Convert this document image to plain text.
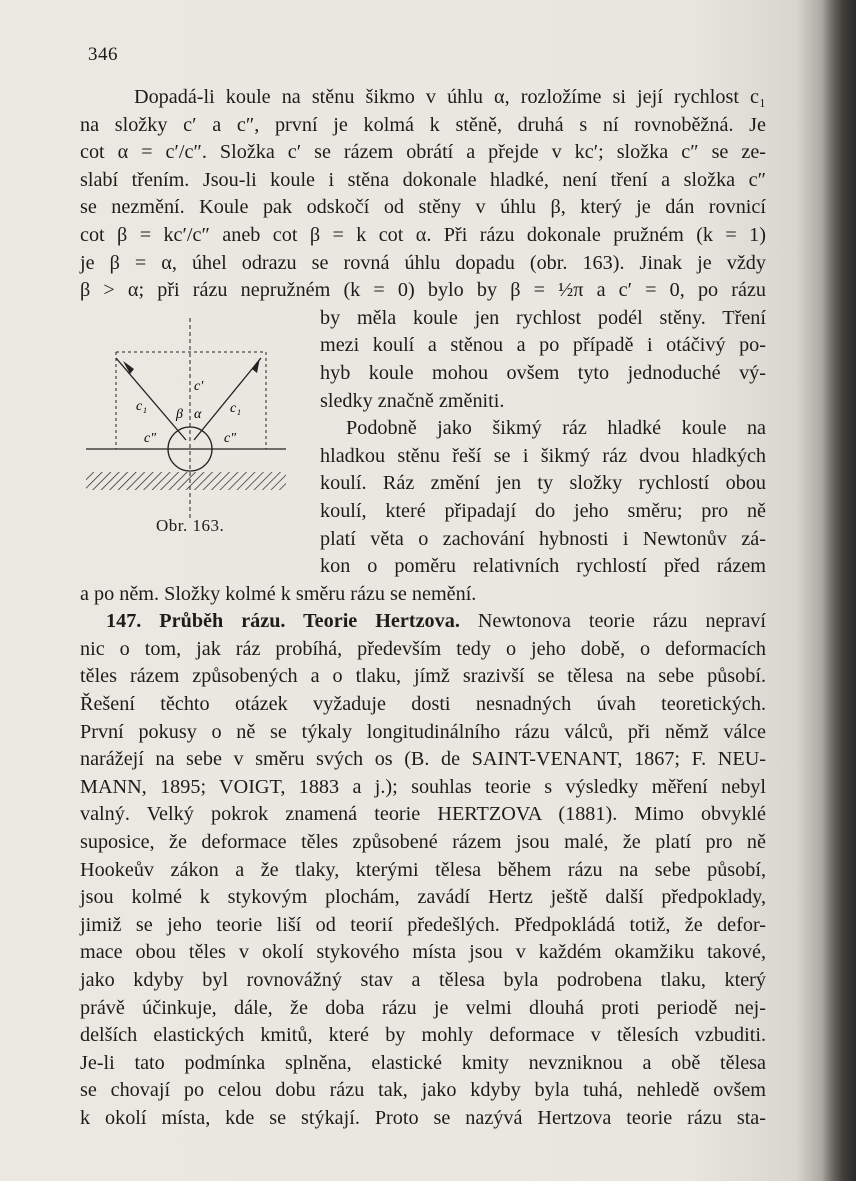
346
Dopadá-li koule na stěnu šikmo v úhlu α, rozložíme si její rychlost c₁
na složky c′ a c″, první je kolmá k stěně, druhá s ní rovnoběžná. Je
cot α = c′/c″. Složka c′ se rázem obrátí a přejde v kc′; složka c″ se ze-
slabí třením. Jsou-li koule i stěna dokonale hladké, není tření a složka c″
se nezmění. Koule pak odskočí od stěny v úhlu β, který je dán rovnicí
cot β = kc′/c″ aneb cot β = k cot α. Při rázu dokonale pružném (k = 1)
je β = α, úhel odrazu se rovná úhlu dopadu (obr. 163). Jinak je vždy
β > α; při rázu nepružném (k = 0) bylo by β = ½π a c′ = 0, po rázu
by měla koule jen rychlost podél stěny. Tření
mezi koulí a stěnou a po případě i otáčivý po-
hyb koule mohou ovšem tyto jednoduché vý-
sledky značně změniti.
Podobně jako šikmý ráz hladké koule na
hladkou stěnu řeší se i šikmý ráz dvou hladkých
koulí. Ráz změní jen ty složky rychlostí obou
koulí, které připadají do jeho směru; pro ně
platí věta o zachování hybnosti i Newtonův zá-
kon o poměru relativních rychlostí před rázem
a po něm. Složky kolmé k směru rázu se nemění.
147. Průběh rázu. Teorie Hertzova. Newtonova teorie rázu nepraví
nic o tom, jak ráz probíhá, především tedy o jeho době, o deformacích
těles rázem způsobených a o tlaku, jímž srazivší se tělesa na sebe působí.
Řešení těchto otázek vyžaduje dosti nesnadných úvah teoretických.
První pokusy o ně se týkaly longitudinálního rázu válců, při němž válce
narážejí na sebe v směru svých os (B. de SAINT-VENANT, 1867; F. NEU-
MANN, 1895; VOIGT, 1883 a j.); souhlas teorie s výsledky měření nebyl
valný. Velký pokrok znamená teorie HERTZOVA (1881). Mimo obvyklé
suposice, že deformace těles způsobené rázem jsou malé, že platí pro ně
Hookeův zákon a že tlaky, kterými tělesa během rázu na sebe působí,
jsou kolmé k stykovým plochám, zavádí Hertz ještě další předpoklady,
jimiž se jeho teorie liší od teorií předešlých. Předpokládá totiž, že defor-
mace obou těles v okolí stykového místa jsou v každém okamžiku takové,
jako kdyby byl rovnovážný stav a tělesa byla podrobena tlaku, který
právě účinkuje, dále, že doba rázu je velmi dlouhá proti periodě nej-
delších elastických kmitů, které by mohly deformace v tělesích vzbuditi.
Je-li tato podmínka splněna, elastické kmity nevzniknou a obě tělesa
se chovají po celou dobu rázu tak, jako kdyby byla tuhá, nehledě ovšem
k okolí místa, kde se stýkají. Proto se nazývá Hertzova teorie rázu sta-
c₁	c₁
c′
β α
c″	c″
Obr. 163.
